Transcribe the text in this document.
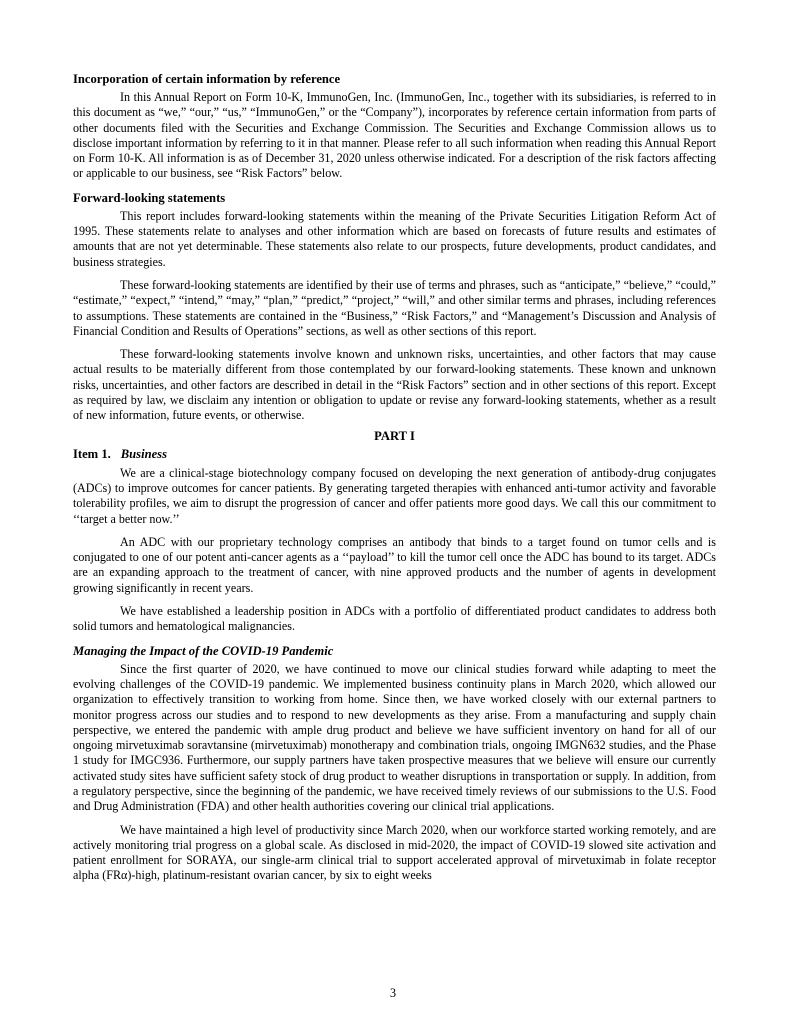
Incorporation of certain information by reference

In this Annual Report on Form 10-K, ImmunoGen, Inc. (ImmunoGen, Inc., together with its subsidiaries, is referred to in this document as “we,” “our,” “us,” “ImmunoGen,” or the “Company”), incorporates by reference certain information from parts of other documents filed with the Securities and Exchange Commission. The Securities and Exchange Commission allows us to disclose important information by referring to it in that manner. Please refer to all such information when reading this Annual Report on Form 10-K. All information is as of December 31, 2020 unless otherwise indicated. For a description of the risk factors affecting or applicable to our business, see “Risk Factors” below.

Forward-looking statements

This report includes forward-looking statements within the meaning of the Private Securities Litigation Reform Act of 1995. These statements relate to analyses and other information which are based on forecasts of future results and estimates of amounts that are not yet determinable. These statements also relate to our prospects, future developments, product candidates, and business strategies.

These forward-looking statements are identified by their use of terms and phrases, such as “anticipate,” “believe,” “could,” “estimate,” “expect,” “intend,” “may,” “plan,” “predict,” “project,” “will,” and other similar terms and phrases, including references to assumptions. These statements are contained in the “Business,” “Risk Factors,” and “Management’s Discussion and Analysis of Financial Condition and Results of Operations” sections, as well as other sections of this report.

These forward-looking statements involve known and unknown risks, uncertainties, and other factors that may cause actual results to be materially different from those contemplated by our forward-looking statements. These known and unknown risks, uncertainties, and other factors are described in detail in the “Risk Factors” section and in other sections of this report. Except as required by law, we disclaim any intention or obligation to update or revise any forward-looking statements, whether as a result of new information, future events, or otherwise.

PART I
Item 1. Business

We are a clinical-stage biotechnology company focused on developing the next generation of antibody-drug conjugates (ADCs) to improve outcomes for cancer patients. By generating targeted therapies with enhanced anti-tumor activity and favorable tolerability profiles, we aim to disrupt the progression of cancer and offer patients more good days. We call this our commitment to ‘‘target a better now.’’

An ADC with our proprietary technology comprises an antibody that binds to a target found on tumor cells and is conjugated to one of our potent anti-cancer agents as a ‘‘payload’’ to kill the tumor cell once the ADC has bound to its target. ADCs are an expanding approach to the treatment of cancer, with nine approved products and the number of agents in development growing significantly in recent years.

We have established a leadership position in ADCs with a portfolio of differentiated product candidates to address both solid tumors and hematological malignancies.

Managing the Impact of the COVID-19 Pandemic

Since the first quarter of 2020, we have continued to move our clinical studies forward while adapting to meet the evolving challenges of the COVID-19 pandemic. We implemented business continuity plans in March 2020, which allowed our organization to effectively transition to working from home. Since then, we have worked closely with our external partners to monitor progress across our studies and to respond to new developments as they arise. From a manufacturing and supply chain perspective, we entered the pandemic with ample drug product and believe we have sufficient inventory on hand for all of our ongoing mirvetuximab soravtansine (mirvetuximab) monotherapy and combination trials, ongoing IMGN632 studies, and the Phase 1 study for IMGC936. Furthermore, our supply partners have taken prospective measures that we believe will ensure our currently activated study sites have sufficient safety stock of drug product to weather disruptions in transportation or supply. In addition, from a regulatory perspective, since the beginning of the pandemic, we have received timely reviews of our submissions to the U.S. Food and Drug Administration (FDA) and other health authorities covering our clinical trial applications.

We have maintained a high level of productivity since March 2020, when our workforce started working remotely, and are actively monitoring trial progress on a global scale. As disclosed in mid-2020, the impact of COVID-19 slowed site activation and patient enrollment for SORAYA, our single-arm clinical trial to support accelerated approval of mirvetuximab in folate receptor alpha (FRα)-high, platinum-resistant ovarian cancer, by six to eight weeks

3
